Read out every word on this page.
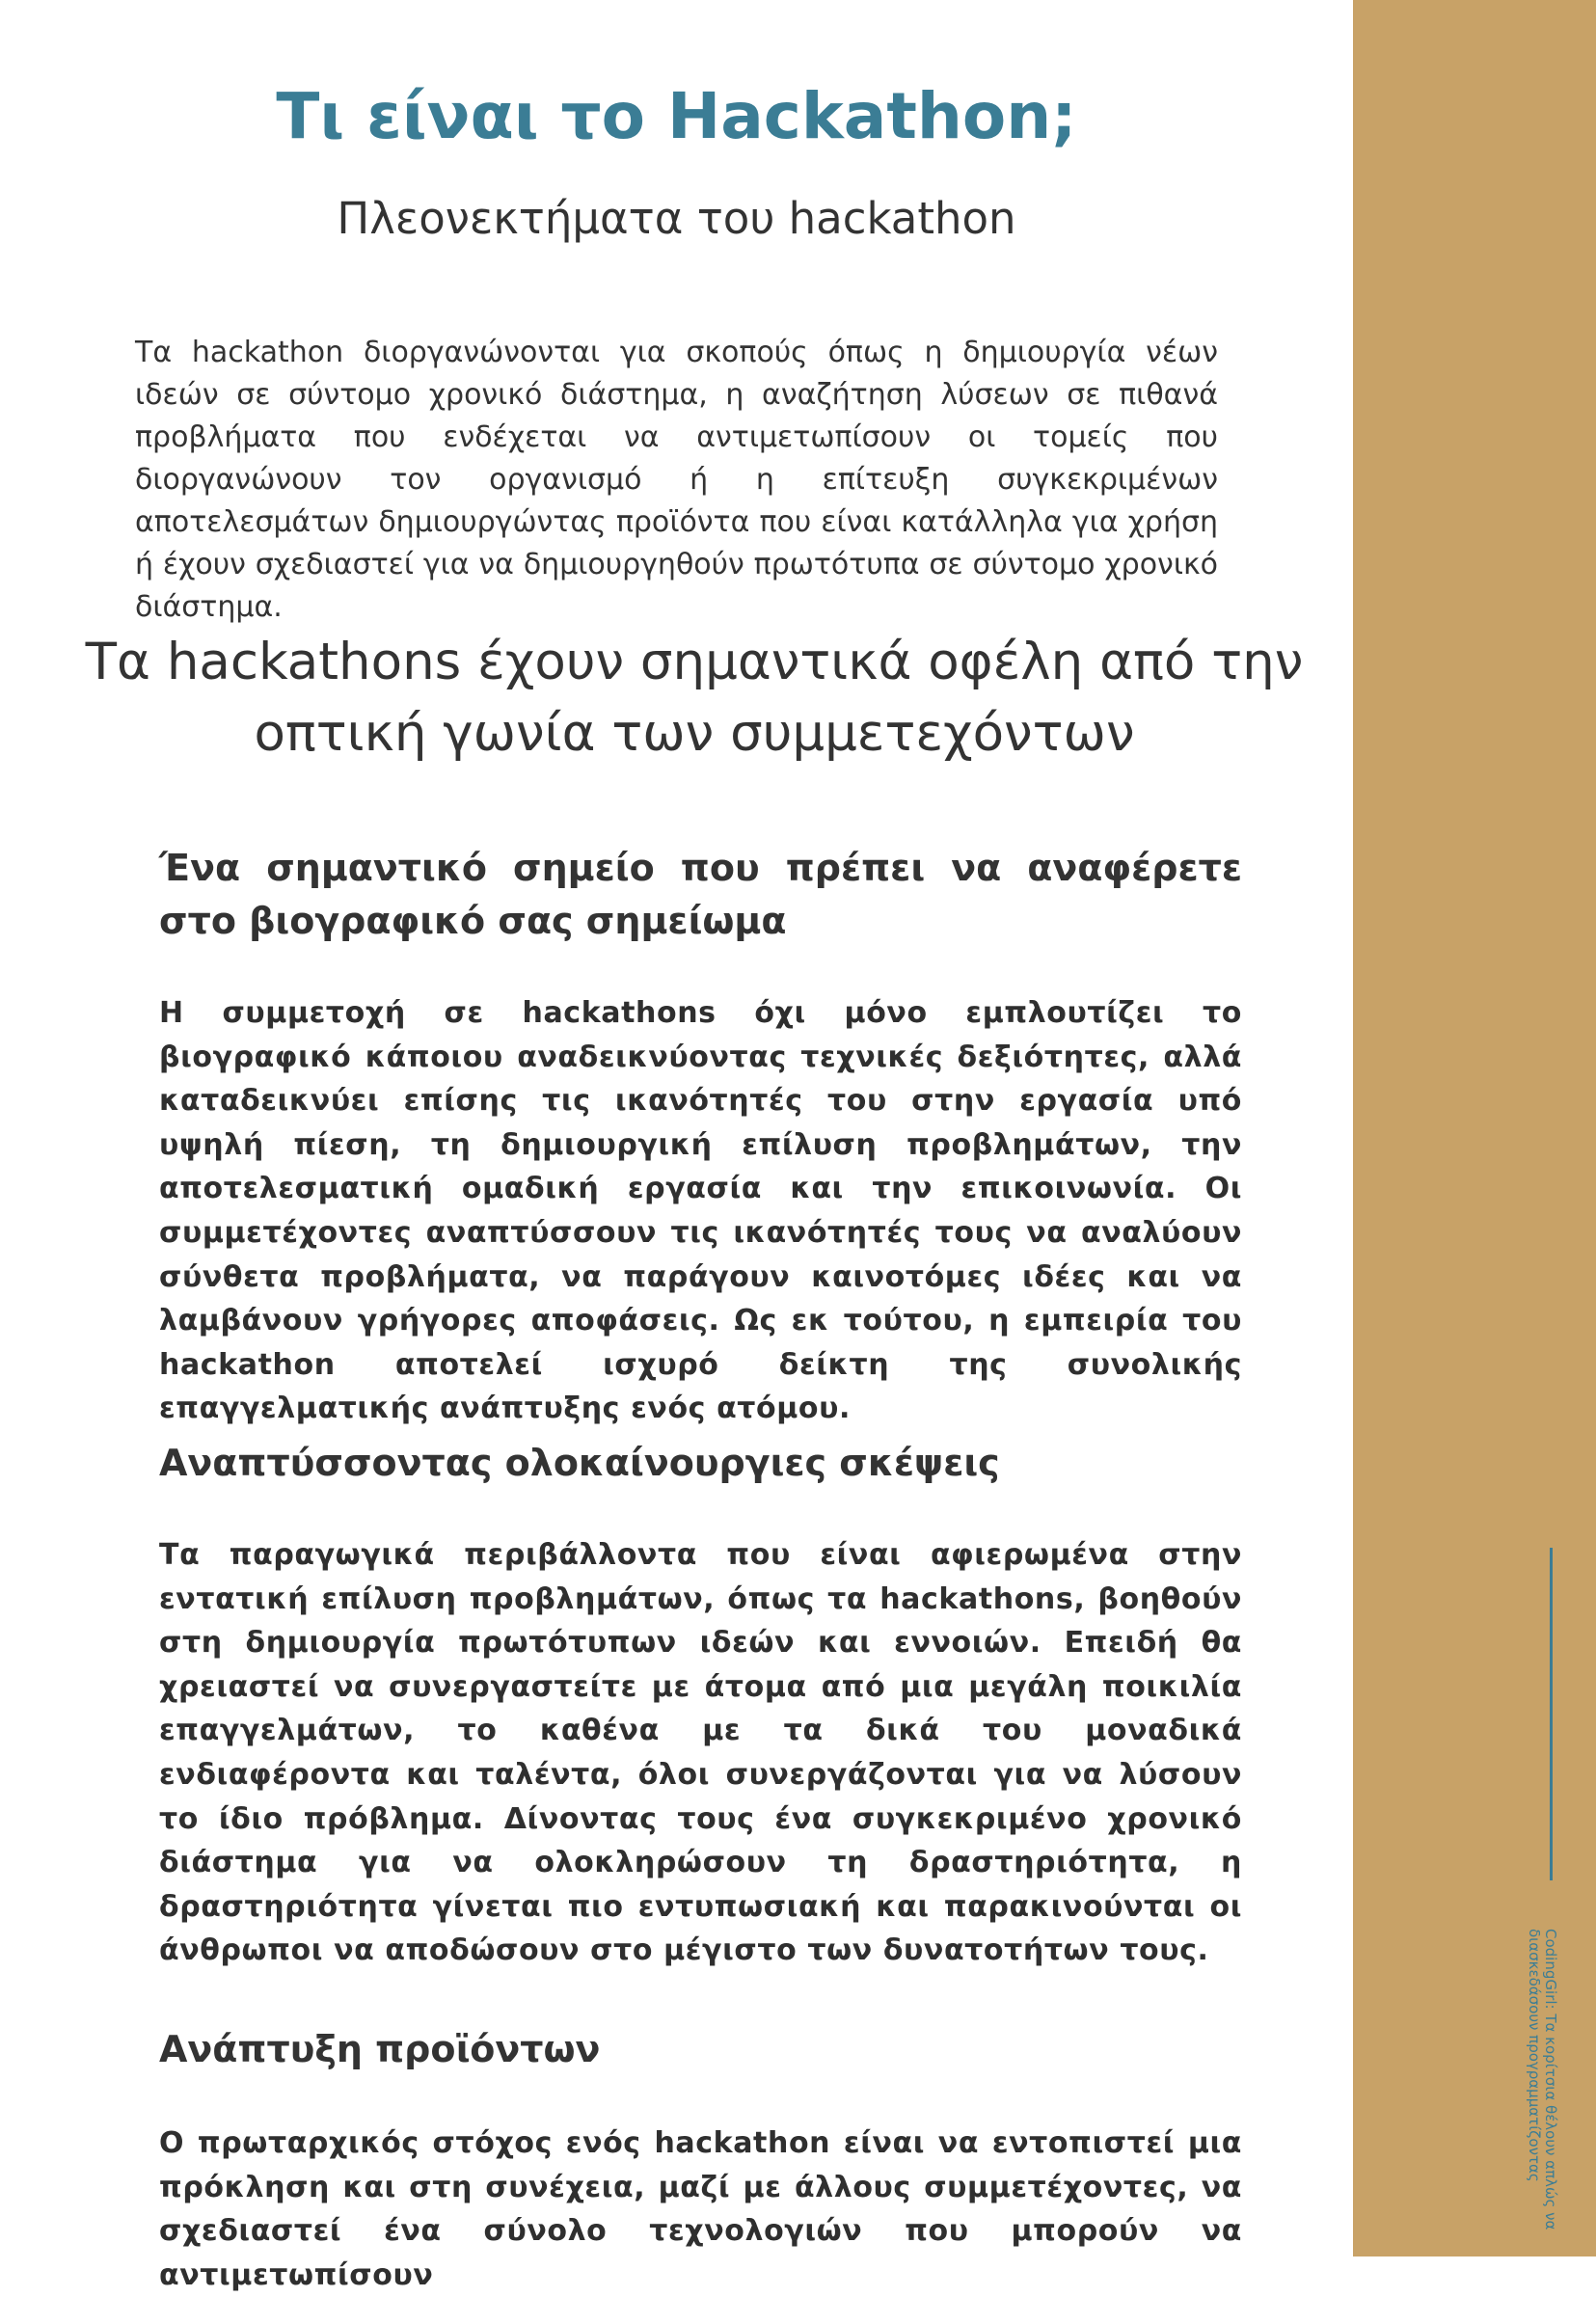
CodingGirl: Τα κορίτσια θέλουν απλώς να διασκεδάσουν προγραμματίζοντας
Τι είναι το Hackathon;
Πλεονεκτήματα του hackathon

Τα hackathon διοργανώνονται για σκοπούς όπως η δημιουργία νέων ιδεών σε σύντομο χρονικό διάστημα, η αναζήτηση λύσεων σε πιθανά προβλήματα που ενδέχεται να αντιμετωπίσουν οι τομείς που διοργανώνουν τον οργανισμό ή η επίτευξη συγκεκριμένων αποτελεσμάτων δημιουργώντας προϊόντα που είναι κατάλληλα για χρήση ή έχουν σχεδιαστεί για να δημιουργηθούν πρωτότυπα σε σύντομο χρονικό διάστημα.

Τα hackathons έχουν σημαντικά οφέλη από την οπτική γωνία των συμμετεχόντων
Ένα σημαντικό σημείο που πρέπει να αναφέρετε στο βιογραφικό σας σημείωμα

Η συμμετοχή σε hackathons όχι μόνο εμπλουτίζει το βιογραφικό κάποιου αναδεικνύοντας τεχνικές δεξιότητες, αλλά καταδεικνύει επίσης τις ικανότητές του στην εργασία υπό υψηλή πίεση, τη δημιουργική επίλυση προβλημάτων, την αποτελεσματική ομαδική εργασία και την επικοινωνία. Οι συμμετέχοντες αναπτύσσουν τις ικανότητές τους να αναλύουν σύνθετα προβλήματα, να παράγουν καινοτόμες ιδέες και να λαμβάνουν γρήγορες αποφάσεις. Ως εκ τούτου, η εμπειρία του hackathon αποτελεί ισχυρό δείκτη της συνολικής επαγγελματικής ανάπτυξης ενός ατόμου.

Αναπτύσσοντας ολοκαίνουργιες σκέψεις

Τα παραγωγικά περιβάλλοντα που είναι αφιερωμένα στην εντατική επίλυση προβλημάτων, όπως τα hackathons, βοηθούν στη δημιουργία πρωτότυπων ιδεών και εννοιών. Επειδή θα χρειαστεί να συνεργαστείτε με άτομα από μια μεγάλη ποικιλία επαγγελμάτων, το καθένα με τα δικά του μοναδικά ενδιαφέροντα και ταλέντα, όλοι συνεργάζονται για να λύσουν το ίδιο πρόβλημα. Δίνοντας τους ένα συγκεκριμένο χρονικό διάστημα για να ολοκληρώσουν τη δραστηριότητα, η δραστηριότητα γίνεται πιο εντυπωσιακή και παρακινούνται οι άνθρωποι να αποδώσουν στο μέγιστο των δυνατοτήτων τους.

Ανάπτυξη προϊόντων

Ο πρωταρχικός στόχος ενός hackathon είναι να εντοπιστεί μια πρόκληση και στη συνέχεια, μαζί με άλλους συμμετέχοντες, να σχεδιαστεί ένα σύνολο τεχνολογιών που μπορούν να αντιμετωπίσουν
